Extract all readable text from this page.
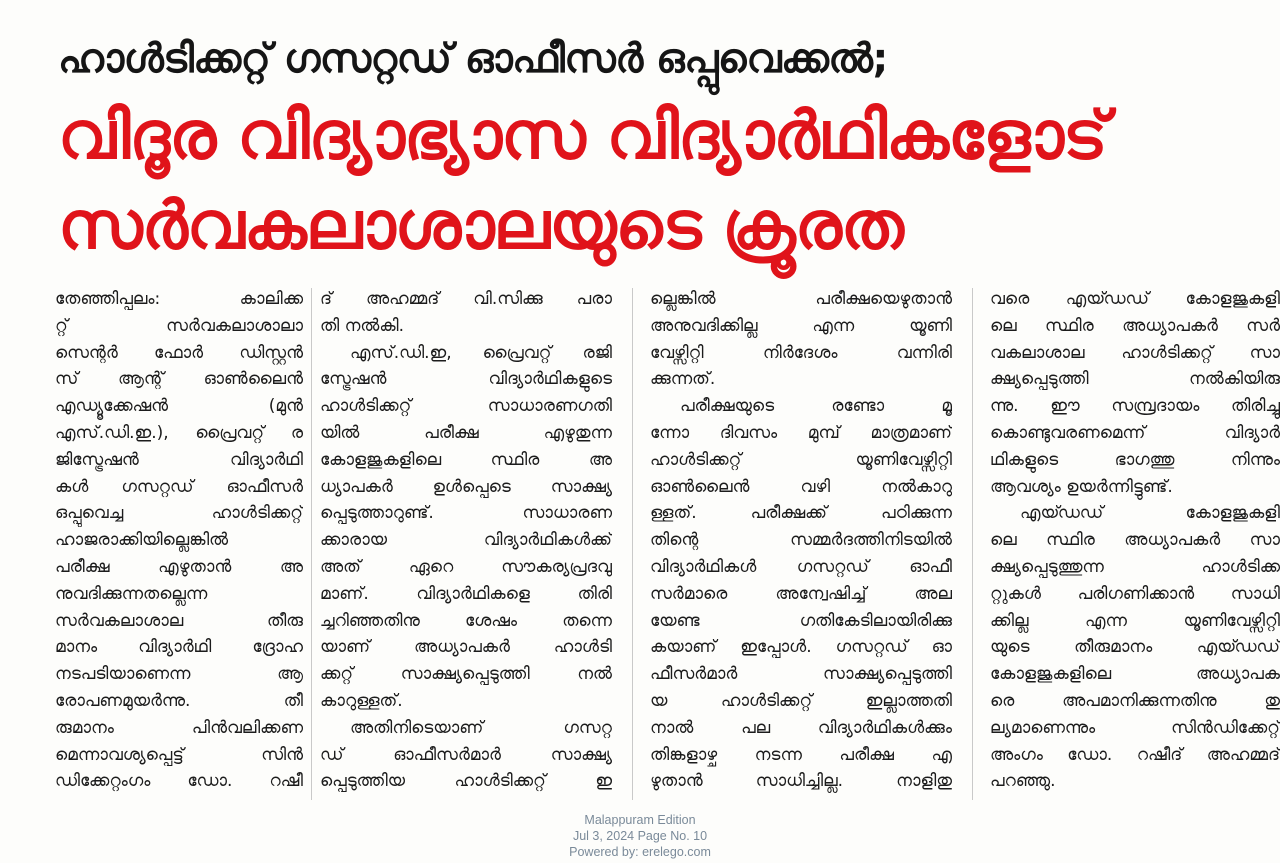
ഹാൾടിക്കറ്റ് ഗസറ്റഡ് ഓഫീസർ ഒപ്പുവെക്കൽ;
വിദൂര വിദ്യാഭ്യാസ വിദ്യാർഥികളോട്
സർവകലാശാലയുടെ ക്രൂരത
തേഞ്ഞിപ്പലം: കാലിക്ക
റ്റ് സർവകലാശാലാ
സെന്റർ ഫോർ ഡിസ്റ്റൻ
സ് ആന്റ് ഓൺലൈൻ
എഡ്യൂക്കേഷൻ (മുൻ
എസ്.ഡി.ഇ.), പ്രൈവറ്റ് ര
ജിസ്ട്രേഷൻ വിദ്യാർഥി
കൾ ഗസറ്റഡ് ഓഫീസർ
ഒപ്പുവെച്ച ഹാൾടിക്കറ്റ്
ഹാജരാക്കിയില്ലെങ്കിൽ
പരീക്ഷ എഴുതാൻ അ
നുവദിക്കുന്നതല്ലെന്ന
സർവകലാശാല തീരു
മാനം വിദ്യാർഥി ദ്രോഹ
നടപടിയാണെന്ന ആ
രോപണമുയർന്നു. തീ
രുമാനം പിൻവലിക്കണ
മെന്നാവശ്യപ്പെട്ട് സിൻ
ഡിക്കേറ്റംഗം ഡോ. റഷീ
ദ് അഹമ്മദ് വി.സിക്കു പരാ
തി നൽകി.
എസ്.ഡി.ഇ, പ്രൈവറ്റ് രജി
സ്ട്രേഷൻ വിദ്യാർഥികളുടെ
ഹാൾടിക്കറ്റ് സാധാരണഗതി
യിൽ പരീക്ഷ എഴുതുന്ന
കോളജുകളിലെ സ്ഥിര അ
ധ്യാപകർ ഉൾപ്പെടെ സാക്ഷ്യ
പ്പെടുത്താറുണ്ട്. സാധാരണ
ക്കാരായ വിദ്യാർഥികൾക്ക്
അത് ഏറെ സൗകര്യപ്രദവു
മാണ്. വിദ്യാർഥികളെ തിരി
ച്ചറിഞ്ഞതിനു ശേഷം തന്നെ
യാണ് അധ്യാപകർ ഹാൾടി
ക്കറ്റ് സാക്ഷ്യപ്പെടുത്തി നൽ
കാറുള്ളത്.
അതിനിടെയാണ് ഗസറ്റ
ഡ് ഓഫീസർമാർ സാക്ഷ്യ
പ്പെടുത്തിയ ഹാൾടിക്കറ്റ് ഇ
ല്ലെങ്കിൽ പരീക്ഷയെഴുതാൻ
അനുവദിക്കില്ല എന്ന യൂണി
വേഴ്സിറ്റി നിർദേശം വന്നിരി
ക്കുന്നത്.
പരീക്ഷയുടെ രണ്ടോ മൂ
ന്നോ ദിവസം മുമ്പ് മാത്രമാണ്
ഹാൾടിക്കറ്റ് യൂണിവേഴ്സിറ്റി
ഓൺലൈൻ വഴി നൽകാറു
ള്ളത്. പരീക്ഷക്ക് പഠിക്കുന്ന
തിന്റെ സമ്മർദത്തിനിടയിൽ
വിദ്യാർഥികൾ ഗസറ്റഡ് ഓഫീ
സർമാരെ അന്വേഷിച്ച് അല
യേണ്ട ഗതികേടിലായിരിക്കു
കയാണ് ഇപ്പോൾ. ഗസറ്റഡ് ഓ
ഫീസർമാർ സാക്ഷ്യപ്പെടുത്തി
യ ഹാൾടിക്കറ്റ് ഇല്ലാത്തതി
നാൽ പല വിദ്യാർഥികൾക്കും
തിങ്കളാഴ്ച നടന്ന പരീക്ഷ എ
ഴുതാൻ സാധിച്ചില്ല. നാളിതു
വരെ എയ്ഡഡ് കോളജുകളി
ലെ സ്ഥിര അധ്യാപകർ സർ
വകലാശാല ഹാൾടിക്കറ്റ് സാ
ക്ഷ്യപ്പെടുത്തി നൽകിയിരു
ന്നു. ഈ സമ്പ്രദായം തിരിച്ചു
കൊണ്ടുവരണമെന്ന് വിദ്യാർ
ഥികളുടെ ഭാഗത്തു നിന്നും
ആവശ്യം ഉയർന്നിട്ടുണ്ട്.
എയ്ഡഡ് കോളജുകളി
ലെ സ്ഥിര അധ്യാപകർ സാ
ക്ഷ്യപ്പെടുത്തുന്ന ഹാൾടിക്ക
റ്റുകൾ പരിഗണിക്കാൻ സാധി
ക്കില്ല എന്ന യൂണിവേഴ്സിറ്റി
യുടെ തീരുമാനം എയ്ഡഡ്
കോളജുകളിലെ അധ്യാപക
രെ അപമാനിക്കുന്നതിനു തു
ല്യമാണെന്നും സിൻഡിക്കേറ്റ്
അംഗം ഡോ. റഷീദ് അഹമ്മദ്
പറഞ്ഞു.
Malappuram Edition
Jul 3, 2024 Page No. 10
Powered by: erelego.com
